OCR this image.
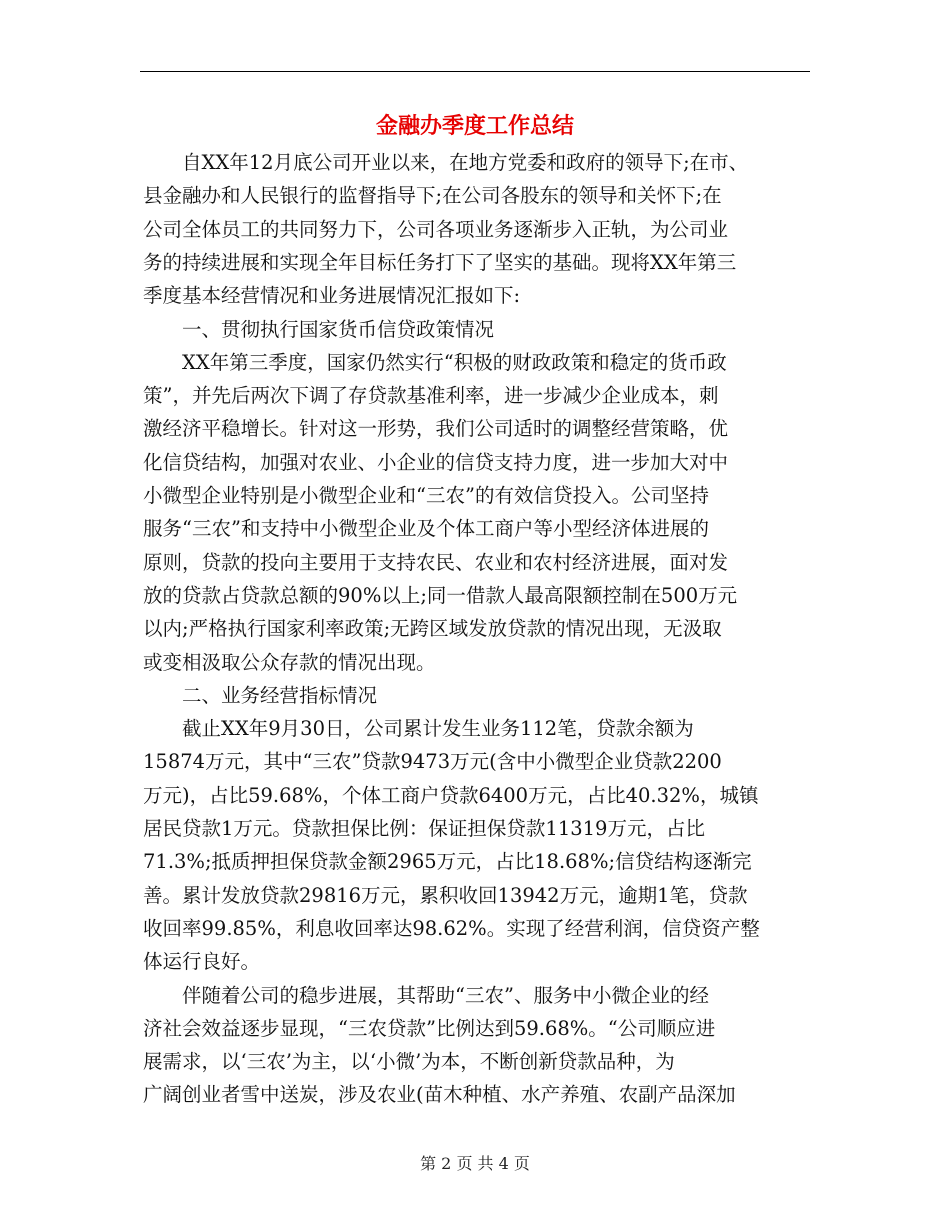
金融办季度工作总结
　　自XX年12月底公司开业以来，在地方党委和政府的领导下;在市、
县金融办和人民银行的监督指导下;在公司各股东的领导和关怀下;在
公司全体员工的共同努力下，公司各项业务逐渐步入正轨，为公司业
务的持续进展和实现全年目标任务打下了坚实的基础。现将XX年第三
季度基本经营情况和业务进展情况汇报如下:
　　一、贯彻执行国家货币信贷政策情况
　　XX年第三季度，国家仍然实行“积极的财政政策和稳定的货币政
策”，并先后两次下调了存贷款基准利率，进一步减少企业成本，刺
激经济平稳增长。针对这一形势，我们公司适时的调整经营策略，优
化信贷结构，加强对农业、小企业的信贷支持力度，进一步加大对中
小微型企业特别是小微型企业和“三农”的有效信贷投入。公司坚持
服务“三农”和支持中小微型企业及个体工商户等小型经济体进展的
原则，贷款的投向主要用于支持农民、农业和农村经济进展，面对发
放的贷款占贷款总额的90%以上;同一借款人最高限额控制在500万元
以内;严格执行国家利率政策;无跨区域发放贷款的情况出现，无汲取
或变相汲取公众存款的情况出现。
　　二、业务经营指标情况
　　截止XX年9月30日，公司累计发生业务112笔，贷款余额为
15874万元，其中“三农”贷款9473万元(含中小微型企业贷款2200
万元)，占比59.68%，个体工商户贷款6400万元，占比40.32%，城镇
居民贷款1万元。贷款担保比例：保证担保贷款11319万元，占比
71.3%;抵质押担保贷款金额2965万元，占比18.68%;信贷结构逐渐完
善。累计发放贷款29816万元，累积收回13942万元，逾期1笔，贷款
收回率99.85%，利息收回率达98.62%。实现了经营利润，信贷资产整
体运行良好。
　　伴随着公司的稳步进展，其帮助“三农”、服务中小微企业的经
济社会效益逐步显现，“三农贷款”比例达到59.68%。“公司顺应进
展需求，以‘三农’为主，以‘小微’为本，不断创新贷款品种，为
广阔创业者雪中送炭，涉及农业(苗木种植、水产养殖、农副产品深加
第 2 页 共 4 页
